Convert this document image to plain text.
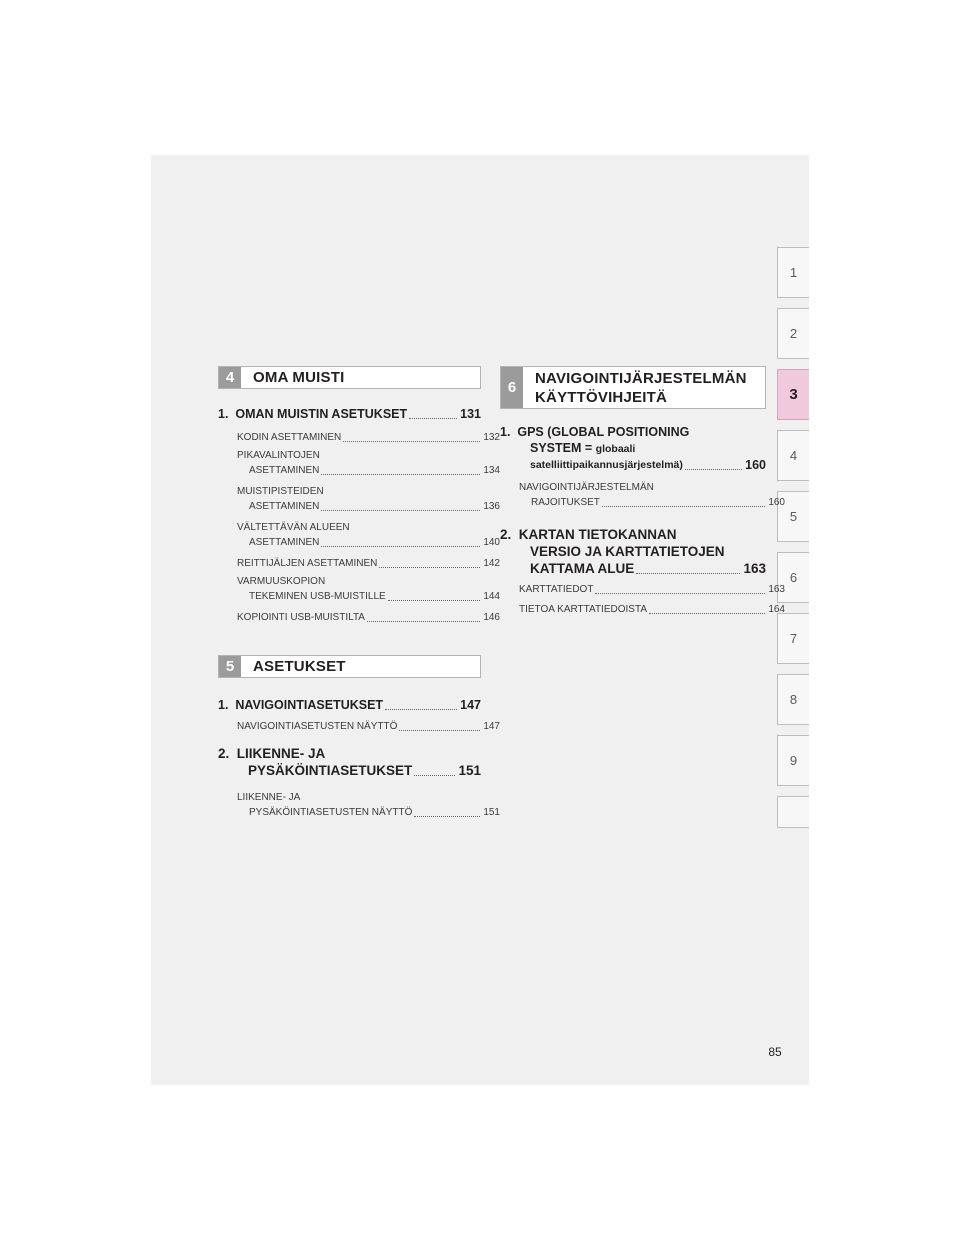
1
2
3
4
5
6
7
8
9
4	OMA MUISTI
1.  OMAN MUISTIN ASETUKSET	131
KODIN ASETTAMINEN	132
PIKAVALINTOJEN
ASETTAMINEN	134
MUISTIPISTEIDEN
ASETTAMINEN	136
VÄLTETTÄVÄN ALUEEN
ASETTAMINEN	140
REITTIJÄLJEN ASETTAMINEN	142
VARMUUSKOPION
TEKEMINEN USB-MUISTILLE	144
KOPIOINTI USB-MUISTILTA	146
5	ASETUKSET
1.  NAVIGOINTIASETUKSET	147
NAVIGOINTIASETUSTEN NÄYTTÖ	147
2.  LIIKENNE- JA
PYSÄKÖINTIASETUKSET	151
LIIKENNE- JA
PYSÄKÖINTIASETUSTEN NÄYTTÖ	151
6
NAVIGOINTIJÄRJESTELMÄN
KÄYTTÖVIHJEITÄ
1.  GPS (GLOBAL POSITIONING
SYSTEM = globaali
satelliittipaikannusjärjestelmä)	160
NAVIGOINTIJÄRJESTELMÄN
RAJOITUKSET	160
2.  KARTAN TIETOKANNAN
VERSIO JA KARTTATIETOJEN
KATTAMA ALUE	163
KARTTATIEDOT	163
TIETOA KARTTATIEDOISTA	164
85
